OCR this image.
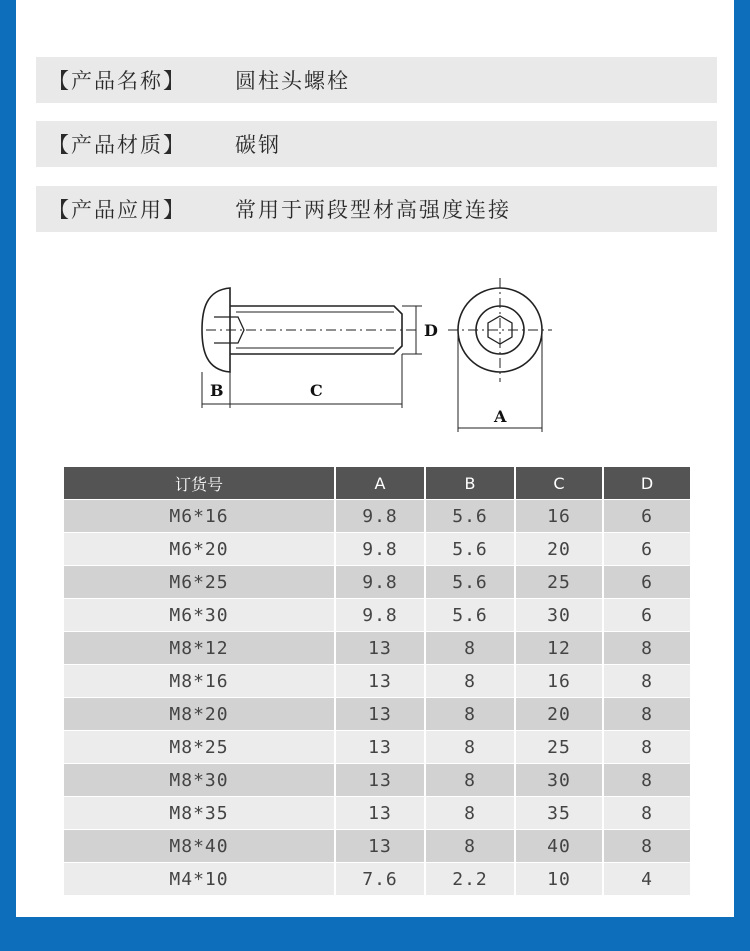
【产品名称】	圆柱头螺栓
【产品材质】	碳钢
【产品应用】	常用于两段型材高强度连接
D
B	C
A
订货号	A	B	C	D
M6*16	9.8	5.6	16	6
M6*20	9.8	5.6	20	6
M6*25	9.8	5.6	25	6
M6*30	9.8	5.6	30	6
M8*12	13	8	12	8
M8*16	13	8	16	8
M8*20	13	8	20	8
M8*25	13	8	25	8
M8*30	13	8	30	8
M8*35	13	8	35	8
M8*40	13	8	40	8
M4*10	7.6	2.2	10	4
